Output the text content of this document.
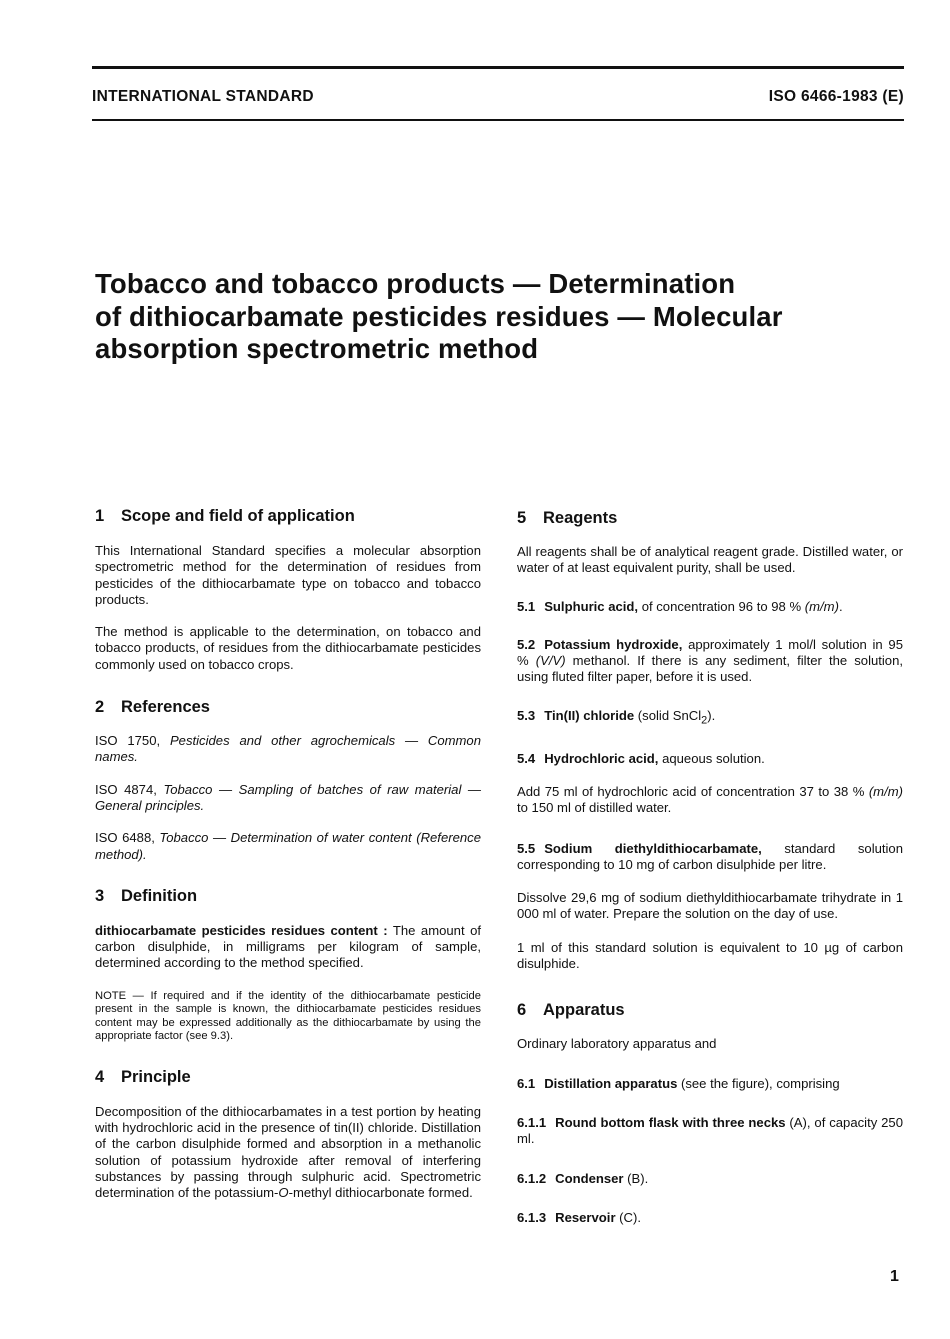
INTERNATIONAL STANDARD	ISO 6466-1983 (E)
Tobacco and tobacco products — Determination
of dithiocarbamate pesticides residues — Molecular
absorption spectrometric method
1 Scope and field of application

This International Standard specifies a molecular absorption spectrometric method for the determination of residues from pesticides of the dithiocarbamate type on tobacco and tobacco products.

The method is applicable to the determination, on tobacco and tobacco products, of residues from the dithiocarbamate pesticides commonly used on tobacco crops.

2 References

ISO 1750, Pesticides and other agrochemicals — Common names.

ISO 4874, Tobacco — Sampling of batches of raw material — General principles.

ISO 6488, Tobacco — Determination of water content (Reference method).

3 Definition

dithiocarbamate pesticides residues content : The amount of carbon disulphide, in milligrams per kilogram of sample, determined according to the method specified.

NOTE — If required and if the identity of the dithiocarbamate pesticide present in the sample is known, the dithiocarbamate pesticides residues content may be expressed additionally as the dithiocarbamate by using the appropriate factor (see 9.3).

4 Principle

Decomposition of the dithiocarbamates in a test portion by heating with hydrochloric acid in the presence of tin(II) chloride. Distillation of the carbon disulphide formed and absorption in a methanolic solution of potassium hydroxide after removal of interfering substances by passing through sulphuric acid. Spectrometric determination of the potassium-O-methyl dithiocarbonate formed.

5 Reagents

All reagents shall be of analytical reagent grade. Distilled water, or water of at least equivalent purity, shall be used.

5.1 Sulphuric acid, of concentration 96 to 98 % (m/m).

5.2 Potassium hydroxide, approximately 1 mol/l solution in 95 % (V/V) methanol. If there is any sediment, filter the solution, using fluted filter paper, before it is used.

5.3 Tin(II) chloride (solid SnCl$_2$).

5.4 Hydrochloric acid, aqueous solution.

Add 75 ml of hydrochloric acid of concentration 37 to 38 % (m/m) to 150 ml of distilled water.

5.5 Sodium diethyldithiocarbamate, standard solution corresponding to 10 mg of carbon disulphide per litre.

Dissolve 29,6 mg of sodium diethyldithiocarbamate trihydrate in 1 000 ml of water. Prepare the solution on the day of use.

1 ml of this standard solution is equivalent to 10 µg of carbon disulphide.

6 Apparatus

Ordinary laboratory apparatus and

6.1 Distillation apparatus (see the figure), comprising

6.1.1 Round bottom flask with three necks (A), of capacity 250 ml.

6.1.2 Condenser (B).

6.1.3 Reservoir (C).

1
